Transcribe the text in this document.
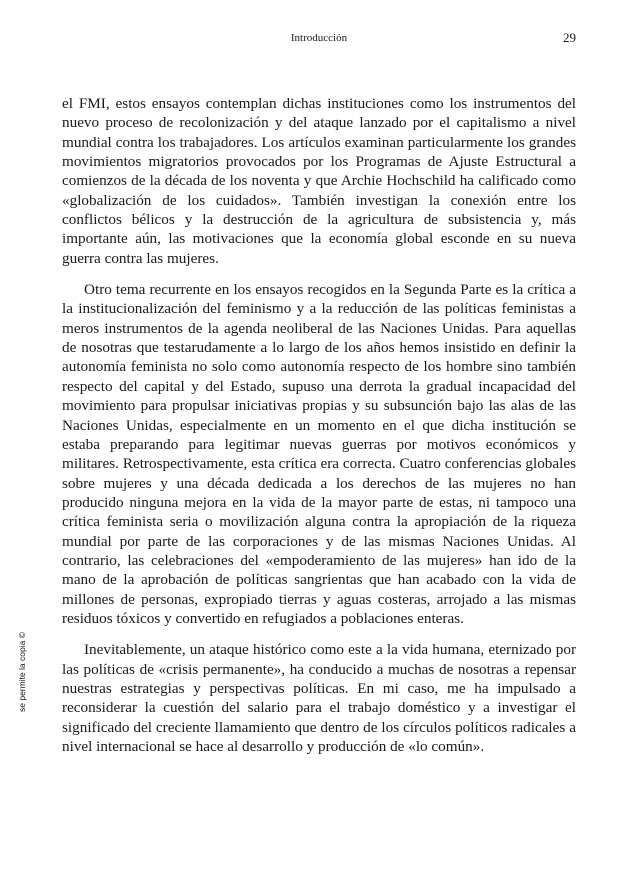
Introducción	29

el FMI, estos ensayos contemplan dichas instituciones como los instrumentos del nuevo proceso de recolonización y del ataque lanzado por el capitalismo a nivel mundial contra los trabajadores. Los artículos examinan particularmente los grandes movimientos migratorios provocados por los Programas de Ajuste Estructural a comienzos de la década de los noventa y que Archie Hochschild ha calificado como «globalización de los cuidados». También investigan la conexión entre los conflictos bélicos y la destrucción de la agricultura de subsistencia y, más importante aún, las motivaciones que la economía global esconde en su nueva guerra contra las mujeres.

Otro tema recurrente en los ensayos recogidos en la Segunda Parte es la crítica a la institucionalización del feminismo y a la reducción de las políticas feministas a meros instrumentos de la agenda neoliberal de las Naciones Unidas. Para aquellas de nosotras que testarudamente a lo largo de los años hemos insistido en definir la autonomía feminista no solo como autonomía respecto de los hombre sino también respecto del capital y del Estado, supuso una derrota la gradual incapacidad del movimiento para propulsar iniciativas propias y su subsunción bajo las alas de las Naciones Unidas, especialmente en un momento en el que dicha institución se estaba preparando para legitimar nuevas guerras por motivos económicos y militares. Retrospectivamente, esta crítica era correcta. Cuatro conferencias globales sobre mujeres y una década dedicada a los derechos de las mujeres no han producido ninguna mejora en la vida de la mayor parte de estas, ni tampoco una crítica feminista seria o movilización alguna contra la apropiación de la riqueza mundial por parte de las corporaciones y de las mismas Naciones Unidas. Al contrario, las celebraciones del «empoderamiento de las mujeres» han ido de la mano de la aprobación de políticas sangrientas que han acabado con la vida de millones de personas, expropiado tierras y aguas costeras, arrojado a las mismas residuos tóxicos y convertido en refugiados a poblaciones enteras.

Inevitablemente, un ataque histórico como este a la vida humana, eternizado por las políticas de «crisis permanente», ha conducido a muchas de nosotras a repensar nuestras estrategias y perspectivas políticas. En mi caso, me ha impulsado a reconsiderar la cuestión del salario para el trabajo doméstico y a investigar el significado del creciente llamamiento que dentro de los círculos políticos radicales a nivel internacional se hace al desarrollo y producción de «lo común».

se permite la copia ©
